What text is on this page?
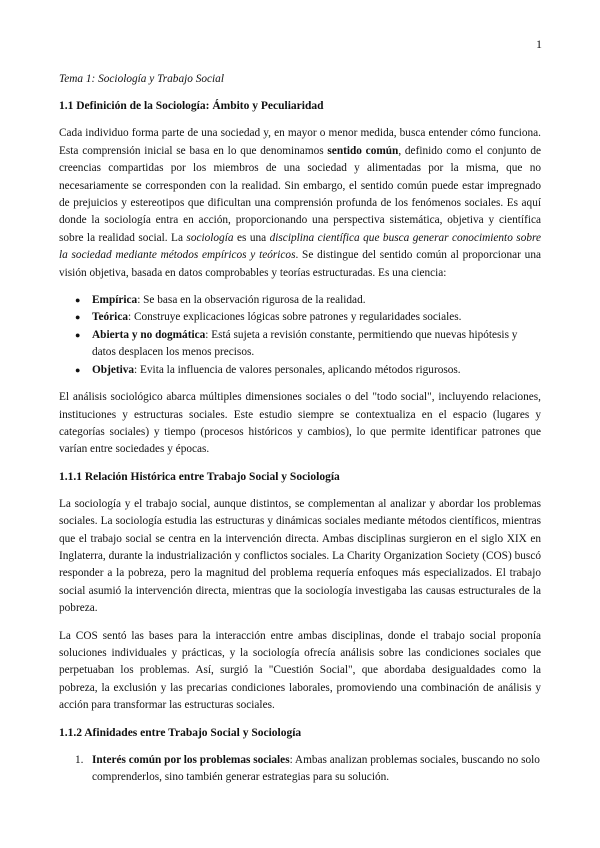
1
Tema 1: Sociología y Trabajo Social
1.1 Definición de la Sociología: Ámbito y Peculiaridad

Cada individuo forma parte de una sociedad y, en mayor o menor medida, busca entender cómo funciona. Esta comprensión inicial se basa en lo que denominamos sentido común, definido como el conjunto de creencias compartidas por los miembros de una sociedad y alimentadas por la misma, que no necesariamente se corresponden con la realidad. Sin embargo, el sentido común puede estar impregnado de prejuicios y estereotipos que dificultan una comprensión profunda de los fenómenos sociales. Es aquí donde la sociología entra en acción, proporcionando una perspectiva sistemática, objetiva y científica sobre la realidad social. La sociología es una disciplina científica que busca generar conocimiento sobre la sociedad mediante métodos empíricos y teóricos. Se distingue del sentido común al proporcionar una visión objetiva, basada en datos comprobables y teorías estructuradas. Es una ciencia:

● Empírica: Se basa en la observación rigurosa de la realidad.
● Teórica: Construye explicaciones lógicas sobre patrones y regularidades sociales.
● Abierta y no dogmática: Está sujeta a revisión constante, permitiendo que nuevas hipótesis y datos desplacen los menos precisos.
● Objetiva: Evita la influencia de valores personales, aplicando métodos rigurosos.

El análisis sociológico abarca múltiples dimensiones sociales o del "todo social", incluyendo relaciones, instituciones y estructuras sociales. Este estudio siempre se contextualiza en el espacio (lugares y categorías sociales) y tiempo (procesos históricos y cambios), lo que permite identificar patrones que varían entre sociedades y épocas.

1.1.1 Relación Histórica entre Trabajo Social y Sociología

La sociología y el trabajo social, aunque distintos, se complementan al analizar y abordar los problemas sociales. La sociología estudia las estructuras y dinámicas sociales mediante métodos científicos, mientras que el trabajo social se centra en la intervención directa. Ambas disciplinas surgieron en el siglo XIX en Inglaterra, durante la industrialización y conflictos sociales. La Charity Organization Society (COS) buscó responder a la pobreza, pero la magnitud del problema requería enfoques más especializados. El trabajo social asumió la intervención directa, mientras que la sociología investigaba las causas estructurales de la pobreza.

La COS sentó las bases para la interacción entre ambas disciplinas, donde el trabajo social proponía soluciones individuales y prácticas, y la sociología ofrecía análisis sobre las condiciones sociales que perpetuaban los problemas. Así, surgió la "Cuestión Social", que abordaba desigualdades como la pobreza, la exclusión y las precarias condiciones laborales, promoviendo una combinación de análisis y acción para transformar las estructuras sociales.

1.1.2 Afinidades entre Trabajo Social y Sociología
1. Interés común por los problemas sociales: Ambas analizan problemas sociales, buscando no solo comprenderlos, sino también generar estrategias para su solución.
